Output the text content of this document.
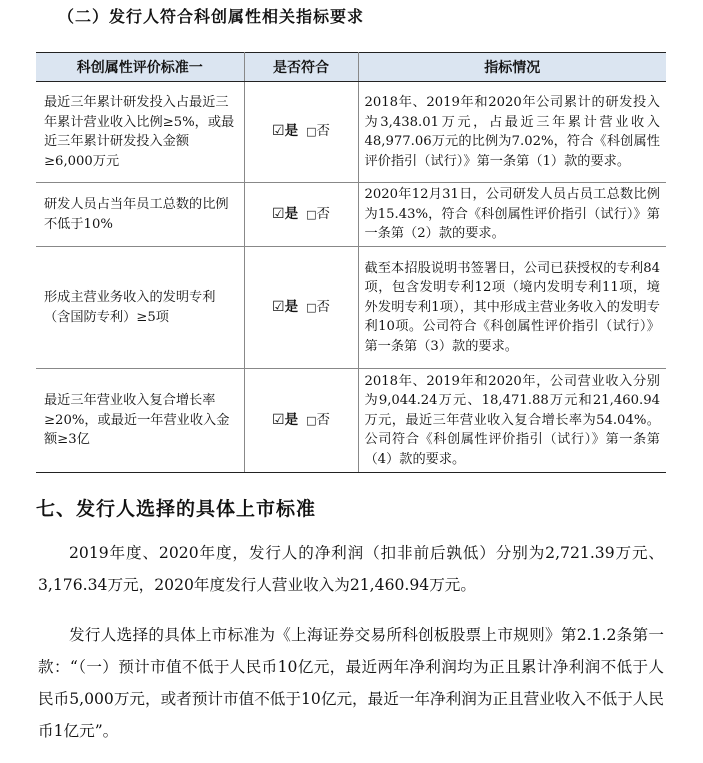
（二）发行人符合科创属性相关指标要求
科创属性评价标准一	是否符合	指标情况
最近三年累计研发投入占最近三年累计营业收入比例≥5%，或最近三年累计研发投入金额≥6,000万元	☑是 □否	2018年、2019年和2020年公司累计的研发投入为3,438.01万元，占最近三年累计营业收入48,977.06万元的比例为7.02%，符合《科创属性评价指引（试行）》第一条第（1）款的要求。
研发人员占当年员工总数的比例不低于10%	☑是 □否	2020年12月31日，公司研发人员占员工总数比例为15.43%，符合《科创属性评价指引（试行）》第一条第（2）款的要求。
形成主营业务收入的发明专利（含国防专利）≥5项	☑是 □否	截至本招股说明书签署日，公司已获授权的专利84项，包含发明专利12项（境内发明专利11项，境外发明专利1项），其中形成主营业务收入的发明专利10项。公司符合《科创属性评价指引（试行）》第一条第（3）款的要求。
最近三年营业收入复合增长率≥20%，或最近一年营业收入金额≥3亿	☑是 □否	2018年、2019年和2020年，公司营业收入分别为9,044.24万元、18,471.88万元和21,460.94万元，最近三年营业收入复合增长率为54.04%。公司符合《科创属性评价指引（试行）》第一条第（4）款的要求。
七、发行人选择的具体上市标准

2019年度、2020年度，发行人的净利润（扣非前后孰低）分别为2,721.39万元、3,176.34万元，2020年度发行人营业收入为21,460.94万元。

发行人选择的具体上市标准为《上海证券交易所科创板股票上市规则》第2.1.2条第一款：“（一）预计市值不低于人民币10亿元，最近两年净利润均为正且累计净利润不低于人民币5,000万元，或者预计市值不低于10亿元，最近一年净利润为正且营业收入不低于人民币1亿元”。
